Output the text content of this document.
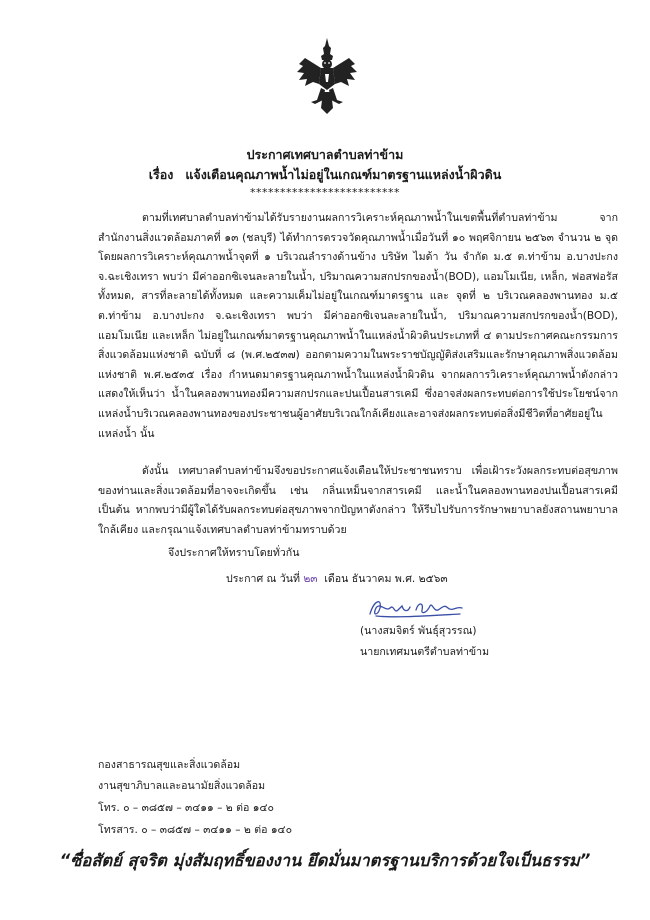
ประกาศเทศบาลตำบลท่าข้าม
เรื่อง แจ้งเตือนคุณภาพน้ำไม่อยู่ในเกณฑ์มาตรฐานแหล่งน้ำผิวดิน
*************************

ตามที่เทศบาลตำบลท่าข้ามได้รับรายงานผลการวิเคราะห์คุณภาพน้ำในเขตพื้นที่ตำบลท่าข้าม จากสำนักงานสิ่งแวดล้อมภาคที่ ๑๓ (ชลบุรี) ได้ทำการตรวจวัดคุณภาพน้ำเมื่อวันที่ ๑๐ พฤศจิกายน ๒๕๖๓ จำนวน ๒ จุด โดยผลการวิเคราะห์คุณภาพน้ำจุดที่ ๑ บริเวณลำรางด้านข้าง บริษัท ไมด้า วัน จำกัด ม.๕ ต.ท่าข้าม อ.บางปะกง จ.ฉะเชิงเทรา พบว่า มีค่าออกซิเจนละลายในน้ำ, ปริมาณความสกปรกของน้ำ(BOD), แอมโมเนีย, เหล็ก, ฟอสฟอรัสทั้งหมด, สารที่ละลายได้ทั้งหมด และความเค็มไม่อยู่ในเกณฑ์มาตรฐาน และ จุดที่ ๒ บริเวณคลองพานทอง ม.๕ ต.ท่าข้าม อ.บางปะกง จ.ฉะเชิงเทรา พบว่า มีค่าออกซิเจนละลายในน้ำ, ปริมาณความสกปรกของน้ำ(BOD), แอมโมเนีย และเหล็ก ไม่อยู่ในเกณฑ์มาตรฐานคุณภาพน้ำในแหล่งน้ำผิวดินประเภทที่ ๔ ตามประกาศคณะกรรมการสิ่งแวดล้อมแห่งชาติ ฉบับที่ ๘ (พ.ศ.๒๕๓๗) ออกตามความในพระราชบัญญัติส่งเสริมและรักษาคุณภาพสิ่งแวดล้อมแห่งชาติ พ.ศ.๒๕๓๕ เรื่อง กำหนดมาตรฐานคุณภาพน้ำในแหล่งน้ำผิวดิน จากผลการวิเคราะห์คุณภาพน้ำดังกล่าว แสดงให้เห็นว่า น้ำในคลองพานทองมีความสกปรกและปนเปื้อนสารเคมี ซึ่งอาจส่งผลกระทบต่อการใช้ประโยชน์จากแหล่งน้ำบริเวณคลองพานทองของประชาชนผู้อาศัยบริเวณใกล้เคียงและอาจส่งผลกระทบต่อสิ่งมีชีวิตที่อาศัยอยู่ในแหล่งน้ำ นั้น

ดังนั้น เทศบาลตำบลท่าข้ามจึงขอประกาศแจ้งเตือนให้ประชาชนทราบ เพื่อเฝ้าระวังผลกระทบต่อสุขภาพของท่านและสิ่งแวดล้อมที่อาจจะเกิดขึ้น เช่น กลิ่นเหม็นจากสารเคมี และน้ำในคลองพานทองปนเปื้อนสารเคมี เป็นต้น หากพบว่ามีผู้ใดได้รับผลกระทบต่อสุขภาพจากปัญหาดังกล่าว ให้รีบไปรับการรักษาพยาบาลยังสถานพยาบาลใกล้เคียง และกรุณาแจ้งเทศบาลตำบลท่าข้ามทราบด้วย

จึงประกาศให้ทราบโดยทั่วกัน
ประกาศ ณ วันที่ ๒๓ เดือน ธันวาคม พ.ศ. ๒๕๖๓
(นางสมจิตร์ พันธุ์สุวรรณ)
นายกเทศมนตรีตำบลท่าข้าม
กองสาธารณสุขและสิ่งแวดล้อม
งานสุขาภิบาลและอนามัยสิ่งแวดล้อม
โทร. ๐ – ๓๘๕๗ – ๓๔๑๑ – ๒ ต่อ ๑๔๐
โทรสาร. ๐ – ๓๘๕๗ – ๓๔๑๑ – ๒ ต่อ ๑๔๐
“ซื่อสัตย์ สุจริต มุ่งสัมฤทธิ์ของงาน ยึดมั่นมาตรฐานบริการด้วยใจเป็นธรรม”
